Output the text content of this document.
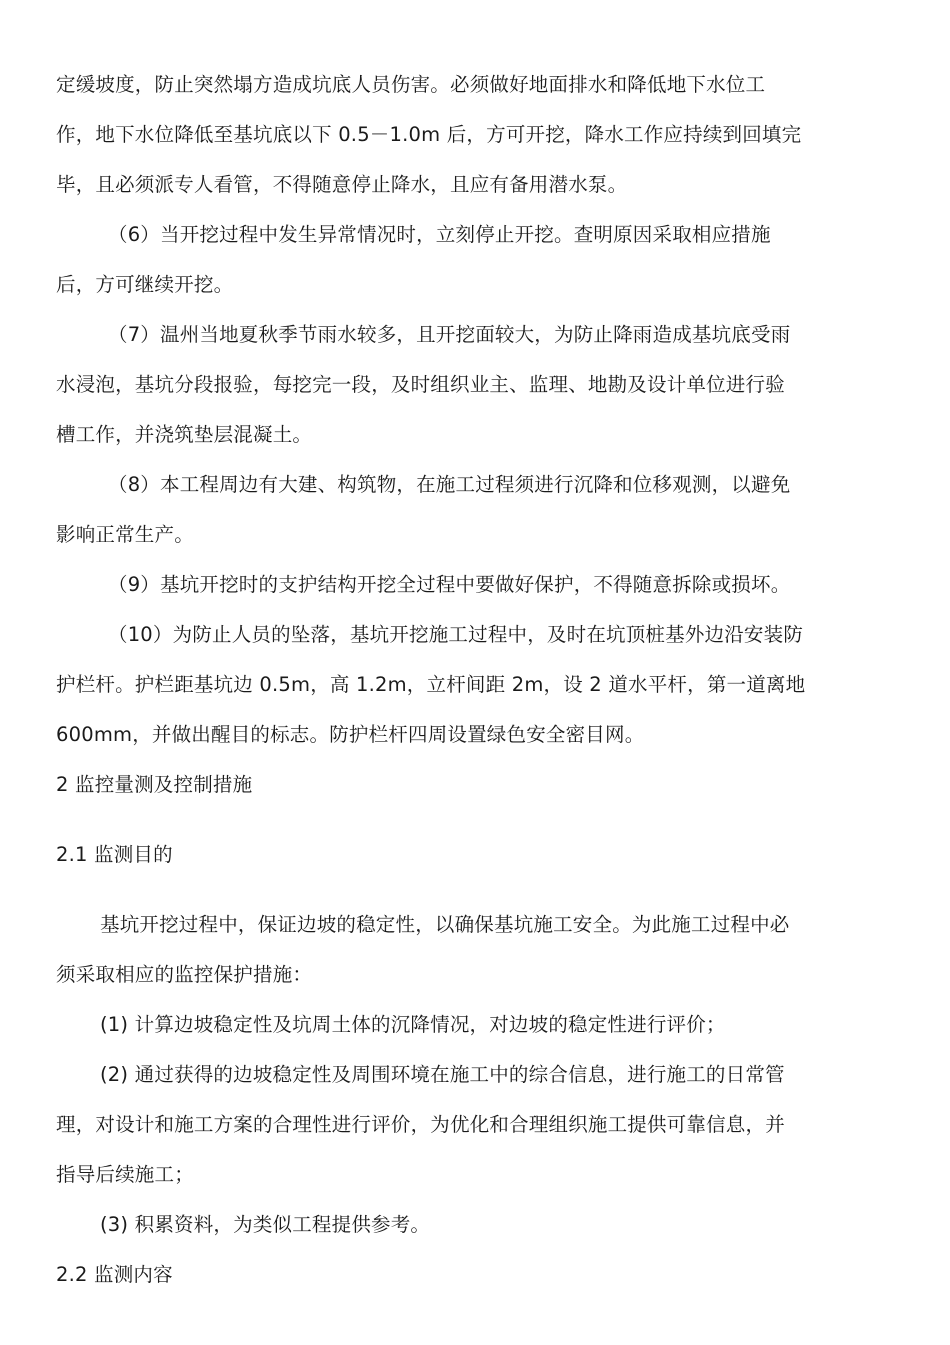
定缓坡度，防止突然塌方造成坑底人员伤害。必须做好地面排水和降低地下水位工
作，地下水位降低至基坑底以下 0.5－1.0m 后，方可开挖，降水工作应持续到回填完
毕，且必须派专人看管，不得随意停止降水，且应有备用潜水泵。
（6）当开挖过程中发生异常情况时，立刻停止开挖。查明原因采取相应措施
后，方可继续开挖。
（7）温州当地夏秋季节雨水较多，且开挖面较大，为防止降雨造成基坑底受雨
水浸泡，基坑分段报验，每挖完一段，及时组织业主、监理、地勘及设计单位进行验
槽工作，并浇筑垫层混凝土。
（8）本工程周边有大建、构筑物，在施工过程须进行沉降和位移观测，以避免
影响正常生产。
（9）基坑开挖时的支护结构开挖全过程中要做好保护，不得随意拆除或损坏。
（10）为防止人员的坠落，基坑开挖施工过程中，及时在坑顶桩基外边沿安装防
护栏杆。护栏距基坑边 0.5m，高 1.2m，立杆间距 2m，设 2 道水平杆，第一道离地
600mm，并做出醒目的标志。防护栏杆四周设置绿色安全密目网。
2 监控量测及控制措施
2.1 监测目的
基坑开挖过程中，保证边坡的稳定性，以确保基坑施工安全。为此施工过程中必
须采取相应的监控保护措施：
(1) 计算边坡稳定性及坑周土体的沉降情况，对边坡的稳定性进行评价；
(2) 通过获得的边坡稳定性及周围环境在施工中的综合信息，进行施工的日常管
理，对设计和施工方案的合理性进行评价，为优化和合理组织施工提供可靠信息，并
指导后续施工；
(3) 积累资料，为类似工程提供参考。
2.2 监测内容
